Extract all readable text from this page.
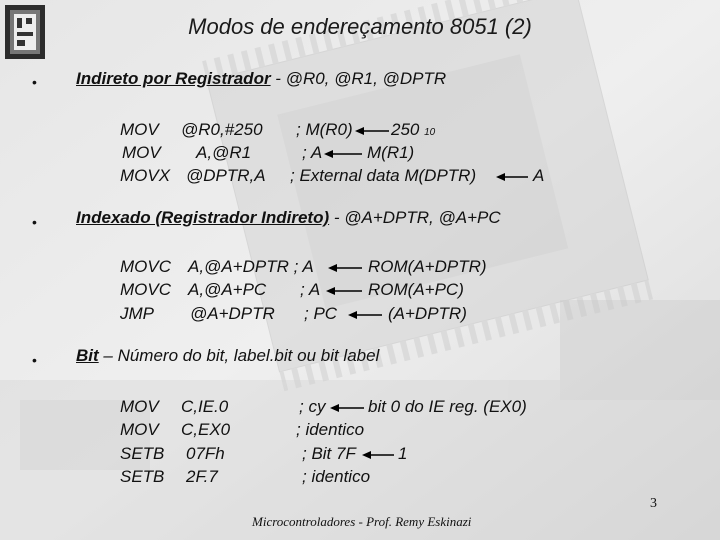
Modos de endereçamento 8051 (2)
• Indireto por Registrador - @R0, @R1, @DPTR
MOV @R0,#250 ; M(R0) 250 10
MOV A,@R1	; A	M(R1)
MOVX @DPTR,A ; External data M(DPTR)	A
• Indexado (Registrador Indireto) - @A+DPTR, @A+PC
MOVC A,@A+DPTR ; A	ROM(A+DPTR)
MOVC A,@A+PC ; A	ROM(A+PC)
JMP @A+DPTR ; PC	(A+DPTR)
• Bit – Número do bit, label.bit ou bit label
MOV C,IE.0	; cy	bit 0 do IE reg. (EX0)
MOV C,EX0	; identico
SETB 07Fh	; Bit 7F 1
SETB 2F.7	; identico
3
Microcontroladores - Prof. Remy Eskinazi
